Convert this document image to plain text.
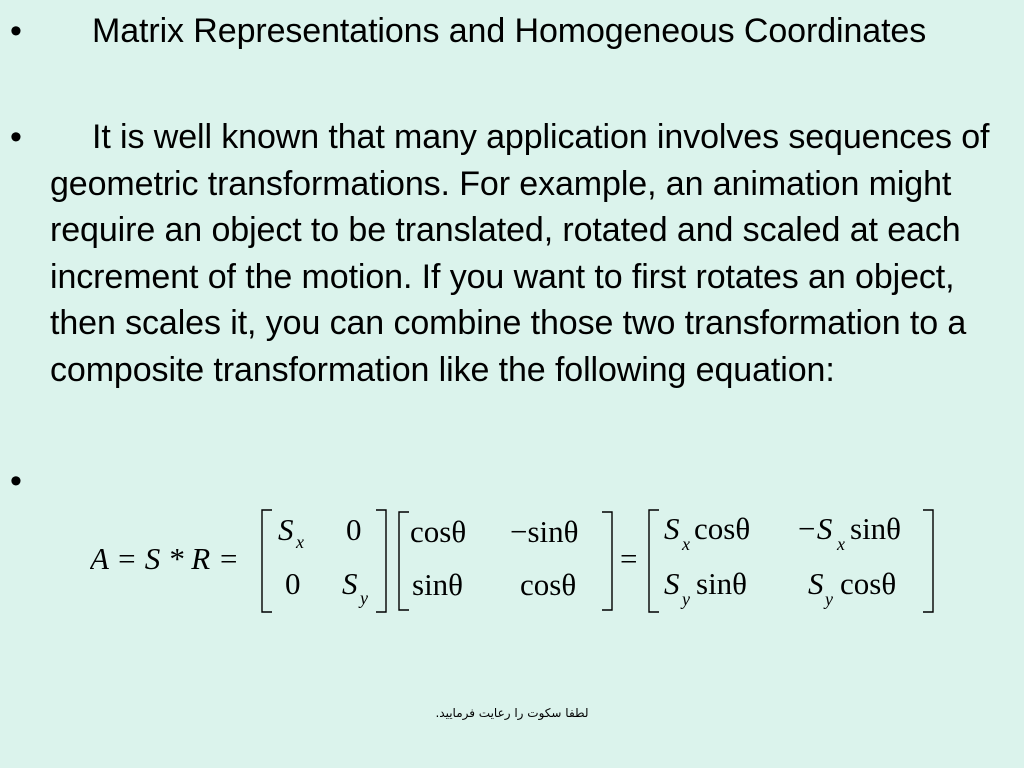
•	Matrix Representations and Homogeneous Coordinates
•	It is well known that many application involves sequences of geometric transformations. For example, an animation might require an object to be translated, rotated and scaled at each increment of the motion. If you want to first rotates an object, then scales it, you can combine those two transformation to a composite transformation like the following equation:
•
A = S * R =
S x 0
0 S y
cosθ −sinθ
sinθ cosθ
=
S x cosθ −S x sinθ
S y sinθ S y cosθ
لطفا سکوت را رعایت فرمایید.
